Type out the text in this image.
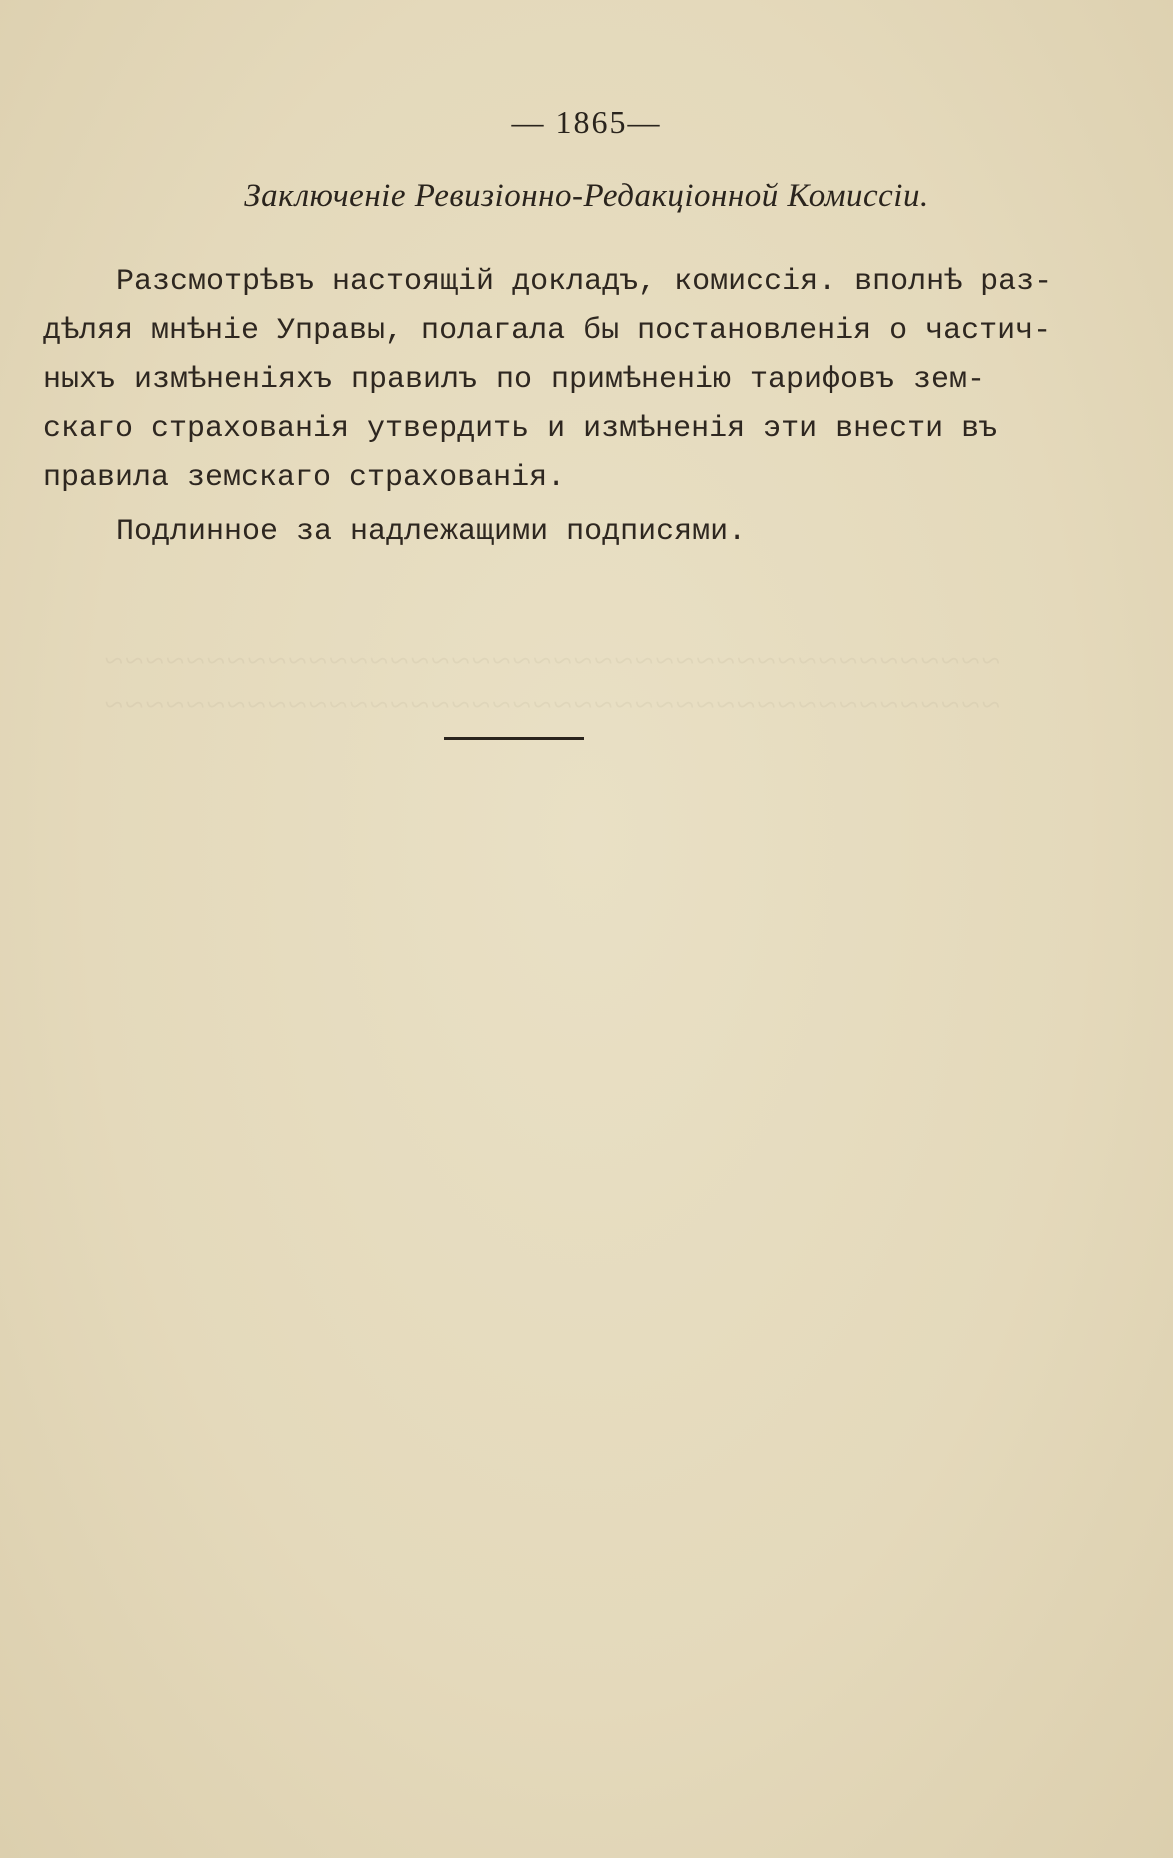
~~~~~~~~~~~~~~~~~~~~~~~~~~~~~~~~~~~~~~~~~~~~
~~~~~~~~~~~~~~~~~~~~~~~~~~~~~~~~~~~~~~~~~~~~
— 1865—
Заключеніе Ревизіонно-Редакціонной Комиссіи.
Разсмотрѣвъ настоящій докладъ, комиссія. вполнѣ раз-
дѣляя мнѣніе Управы, полагала бы постановленія о частич-
ныхъ измѣненіяхъ правилъ по примѣненію тарифовъ зем-
скаго страхованія утвердить и измѣненія эти внести въ
правила земскаго страхованія.
Подлинное за надлежащими подписями.
